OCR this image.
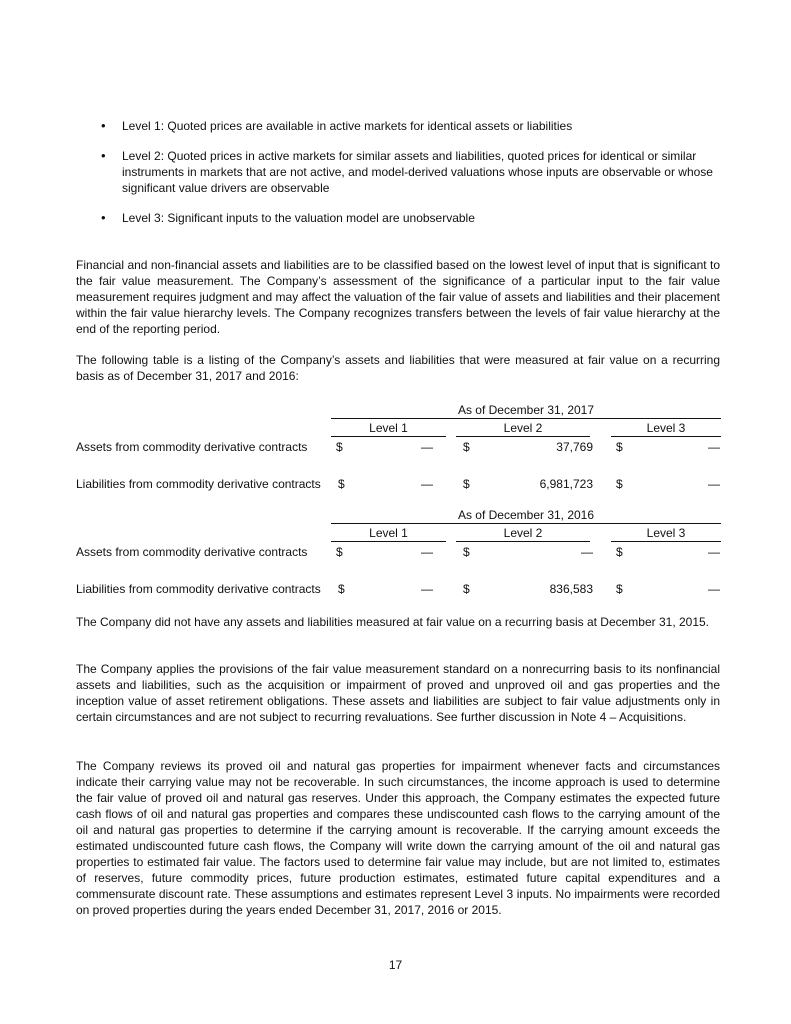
• Level 1: Quoted prices are available in active markets for identical assets or liabilities
• Level 2: Quoted prices in active markets for similar assets and liabilities, quoted prices for identical or similar instruments in markets that are not active, and model-derived valuations whose inputs are observable or whose significant value drivers are observable
• Level 3: Significant inputs to the valuation model are unobservable

Financial and non-financial assets and liabilities are to be classified based on the lowest level of input that is significant to the fair value measurement. The Company’s assessment of the significance of a particular input to the fair value measurement requires judgment and may affect the valuation of the fair value of assets and liabilities and their placement within the fair value hierarchy levels. The Company recognizes transfers between the levels of fair value hierarchy at the end of the reporting period.

The following table is a listing of the Company’s assets and liabilities that were measured at fair value on a recurring basis as of December 31, 2017 and 2016:

As of December 31, 2017
Level 1	Level 2	Level 3
Assets from commodity derivative contracts $	—	$	37,769 $	—
Liabilities from commodity derivative contracts $	—	$	6,981,723 $	—
As of December 31, 2016
Level 1	Level 2	Level 3
Assets from commodity derivative contracts $	—	$	— $	—
Liabilities from commodity derivative contracts $	—	$	836,583 $	—

The Company did not have any assets and liabilities measured at fair value on a recurring basis at December 31, 2015.

The Company applies the provisions of the fair value measurement standard on a nonrecurring basis to its nonfinancial assets and liabilities, such as the acquisition or impairment of proved and unproved oil and gas properties and the inception value of asset retirement obligations. These assets and liabilities are subject to fair value adjustments only in certain circumstances and are not subject to recurring revaluations. See further discussion in Note 4 – Acquisitions.

The Company reviews its proved oil and natural gas properties for impairment whenever facts and circumstances indicate their carrying value may not be recoverable. In such circumstances, the income approach is used to determine the fair value of proved oil and natural gas reserves. Under this approach, the Company estimates the expected future cash flows of oil and natural gas properties and compares these undiscounted cash flows to the carrying amount of the oil and natural gas properties to determine if the carrying amount is recoverable. If the carrying amount exceeds the estimated undiscounted future cash flows, the Company will write down the carrying amount of the oil and natural gas properties to estimated fair value. The factors used to determine fair value may include, but are not limited to, estimates of reserves, future commodity prices, future production estimates, estimated future capital expenditures and a commensurate discount rate. These assumptions and estimates represent Level 3 inputs. No impairments were recorded on proved properties during the years ended December 31, 2017, 2016 or 2015.

17
